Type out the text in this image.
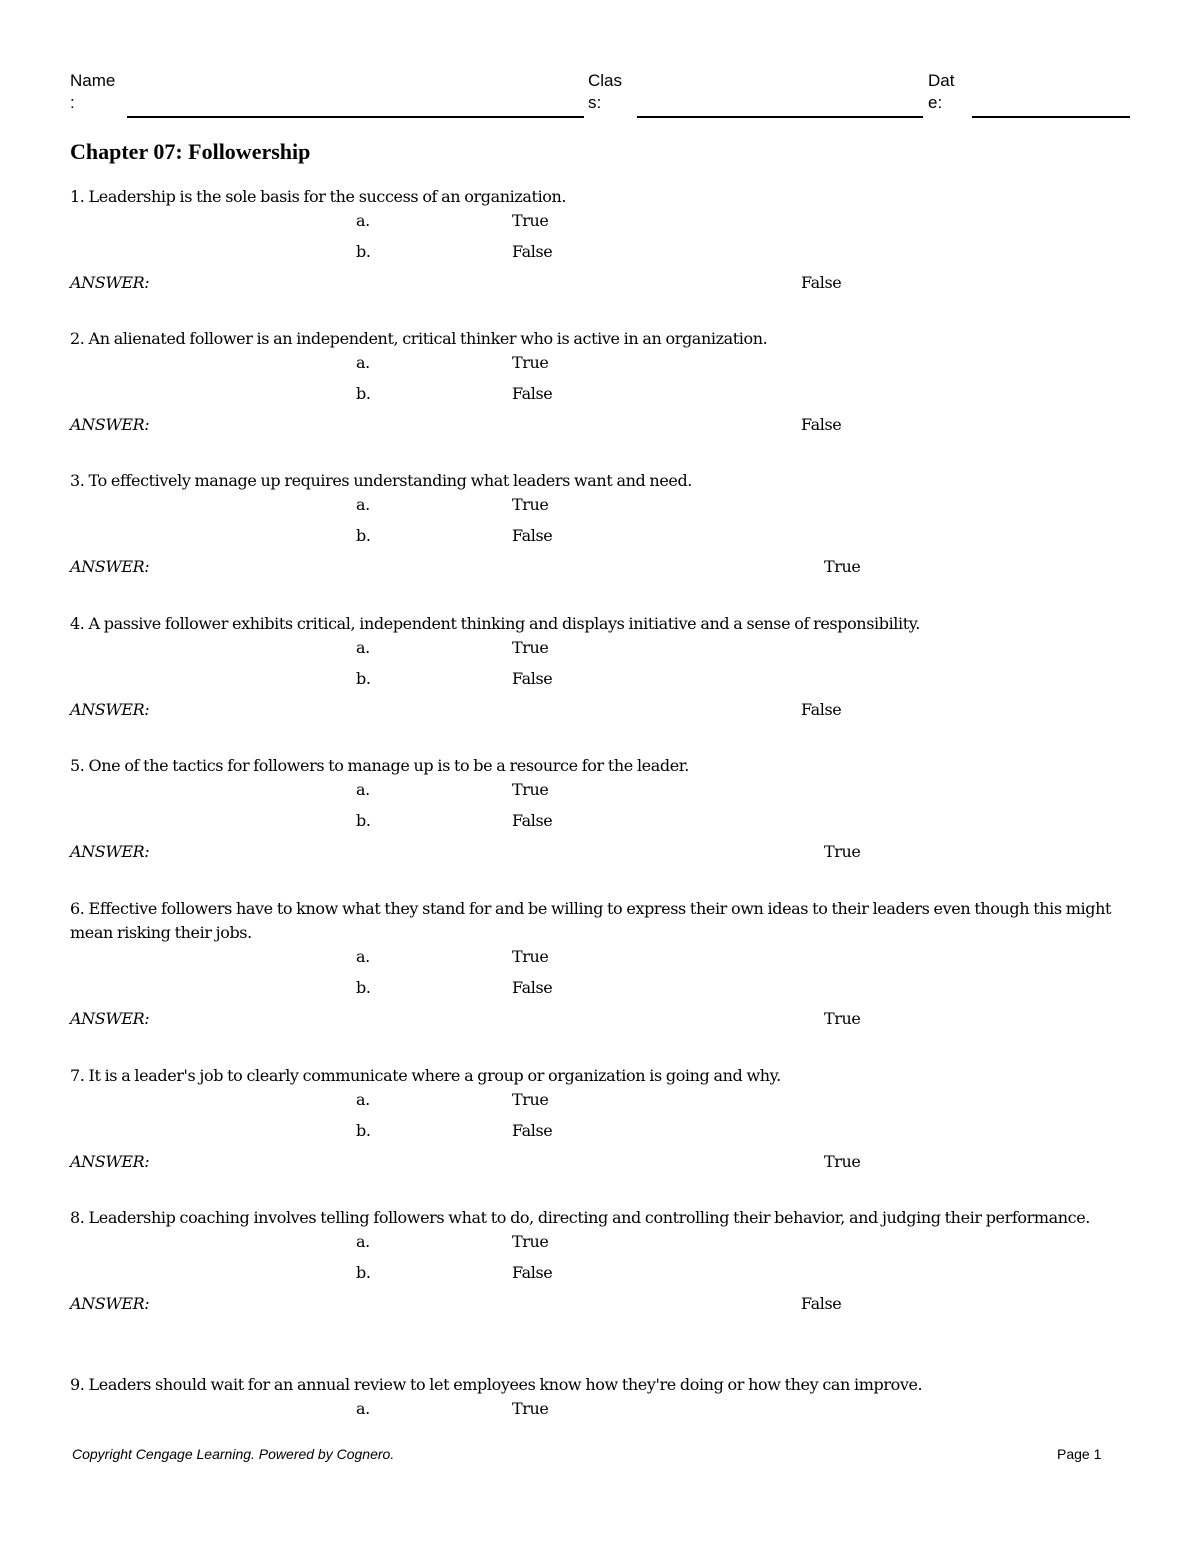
Name
:
Clas
s:
Dat
e:
Chapter 07: Followership

1. Leadership is the sole basis for the success of an organization.

a.	True
b.	False
ANSWER:	False

2. An alienated follower is an independent, critical thinker who is active in an organization.

a.	True
b.	False
ANSWER:	False

3. To effectively manage up requires understanding what leaders want and need.

a.	True
b.	False
ANSWER:	True

4. A passive follower exhibits critical, independent thinking and displays initiative and a sense of responsibility.

a.	True
b.	False
ANSWER:	False

5. One of the tactics for followers to manage up is to be a resource for the leader.

a.	True
b.	False
ANSWER:	True

6. Effective followers have to know what they stand for and be willing to express their own ideas to their leaders even though this might mean risking their jobs.

a.	True
b.	False
ANSWER:	True

7. It is a leader's job to clearly communicate where a group or organization is going and why.

a.	True
b.	False
ANSWER:	True

8. Leadership coaching involves telling followers what to do, directing and controlling their behavior, and judging their performance.

a.	True
b.	False
ANSWER:	False

9. Leaders should wait for an annual review to let employees know how they're doing or how they can improve.

a.	True
Copyright Cengage Learning. Powered by Cognero.	Page 1
